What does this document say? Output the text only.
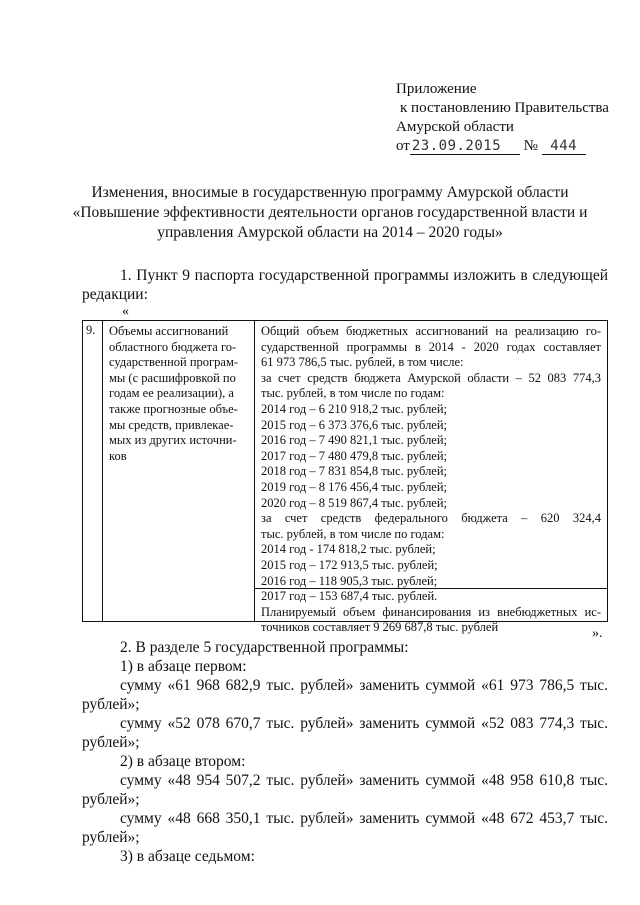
Приложение
к постановлению Правительства
Амурской области
от 23.09.2015 № 444
Изменения, вносимые в государственную программу Амурской области
«Повышение эффективности деятельности органов государственной власти и
управления Амурской области на 2014 – 2020 годы»
1. Пункт 9 паспорта государственной программы изложить в следующей
редакции:
«
9.	Объемы ассигнований
областного бюджета го-
сударственной програм-
мы (с расшифровкой по
годам ее реализации), а
также прогнозные объе-
мы средств, привлекае-
мых из других источни-
ков
Общий объем бюджетных ассигнований на реализацию го-
сударственной программы в 2014 - 2020 годах составляет
61 973 786,5 тыс. рублей, в том числе:
за счет средств бюджета Амурской области – 52 083 774,3
тыс. рублей, в том числе по годам:
2014 год – 6 210 918,2 тыс. рублей;
2015 год – 6 373 376,6 тыс. рублей;
2016 год – 7 490 821,1 тыс. рублей;
2017 год – 7 480 479,8 тыс. рублей;
2018 год – 7 831 854,8 тыс. рублей;
2019 год – 8 176 456,4 тыс. рублей;
2020 год – 8 519 867,4 тыс. рублей;
за счет средств федерального бюджета – 620 324,4
тыс. рублей, в том числе по годам:
2014 год - 174 818,2 тыс. рублей;
2015 год – 172 913,5 тыс. рублей;
2016 год – 118 905,3 тыс. рублей;
2017 год – 153 687,4 тыс. рублей.
Планируемый объем финансирования из внебюджетных ис-
точников составляет 9 269 687,8 тыс. рублей	».
2. В разделе 5 государственной программы:
1) в абзаце первом:
сумму «61 968 682,9 тыс. рублей» заменить суммой «61 973 786,5 тыс.
рублей»;
сумму «52 078 670,7 тыс. рублей» заменить суммой «52 083 774,3 тыс.
рублей»;
2) в абзаце втором:
сумму «48 954 507,2 тыс. рублей» заменить суммой «48 958 610,8 тыс.
рублей»;
сумму «48 668 350,1 тыс. рублей» заменить суммой «48 672 453,7 тыс.
рублей»;
3) в абзаце седьмом:
